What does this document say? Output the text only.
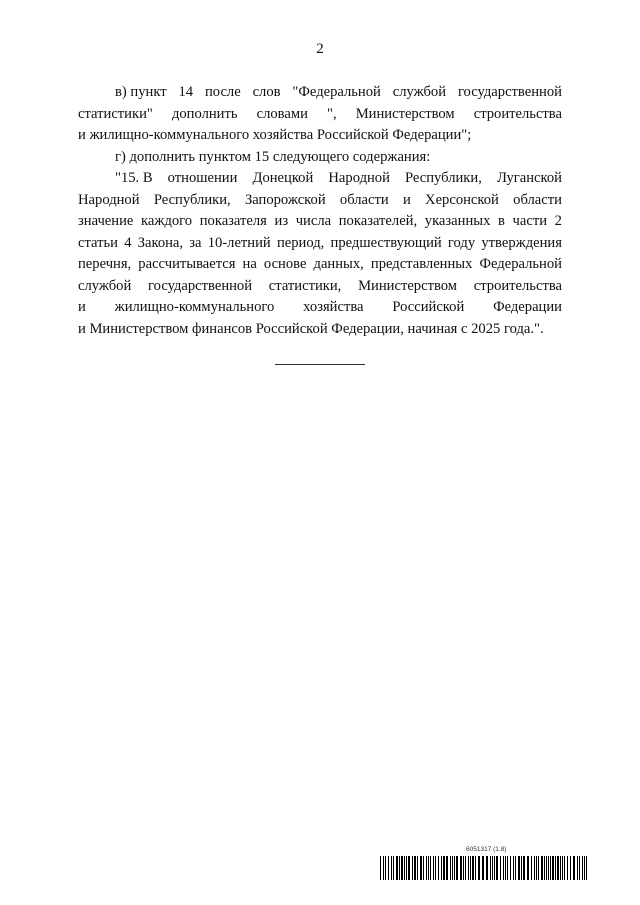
2
в) пункт 14 после слов "Федеральной службой государственной
статистики" дополнить словами ", Министерством строительства
и жилищно-коммунального хозяйства Российской Федерации";
г) дополнить пунктом 15 следующего содержания:
"15. В отношении Донецкой Народной Республики, Луганской
Народной Республики, Запорожской области и Херсонской области
значение каждого показателя из числа показателей, указанных в части 2
статьи 4 Закона, за 10-летний период, предшествующий году утверждения
перечня, рассчитывается на основе данных, представленных Федеральной
службой государственной статистики, Министерством строительства
и жилищно-коммунального хозяйства Российской Федерации
и Министерством финансов Российской Федерации, начиная с 2025 года.".
6051317 (1.8)
